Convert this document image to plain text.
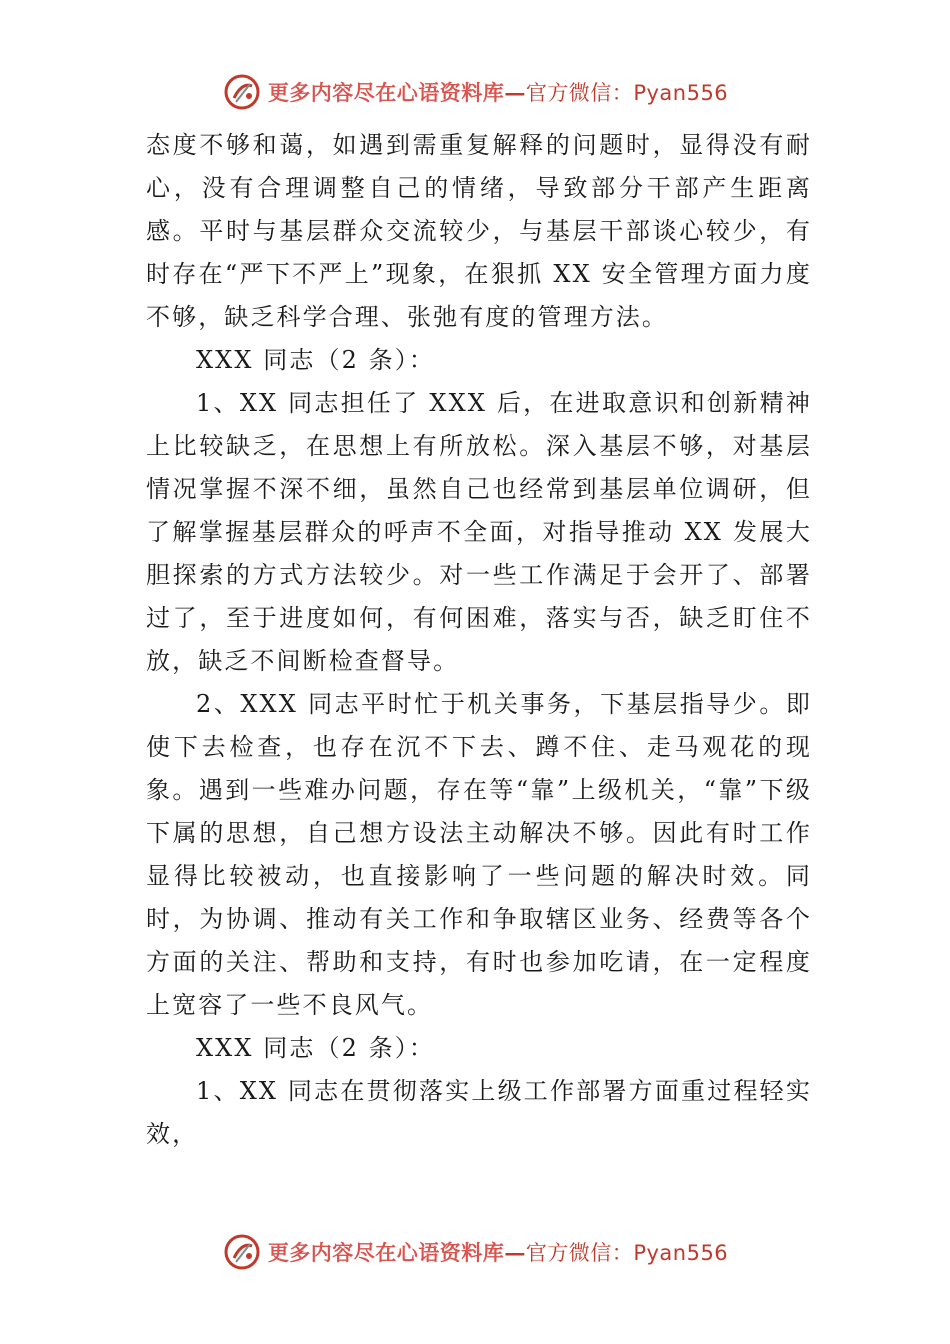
更多内容尽在心语资料库—官方微信：Pyan556

态度不够和蔼，如遇到需重复解释的问题时，显得没有耐心，没有合理调整自己的情绪，导致部分干部产生距离感。平时与基层群众交流较少，与基层干部谈心较少，有时存在“严下不严上”现象，在狠抓 XX 安全管理方面力度不够，缺乏科学合理、张弛有度的管理方法。

XXX 同志（2 条）：

1、XX 同志担任了 XXX 后，在进取意识和创新精神上比较缺乏，在思想上有所放松。深入基层不够，对基层情况掌握不深不细，虽然自己也经常到基层单位调研，但了解掌握基层群众的呼声不全面，对指导推动 XX 发展大胆探索的方式方法较少。对一些工作满足于会开了、部署过了，至于进度如何，有何困难，落实与否，缺乏盯住不放，缺乏不间断检查督导。

2、XXX 同志平时忙于机关事务，下基层指导少。即使下去检查，也存在沉不下去、蹲不住、走马观花的现象。遇到一些难办问题，存在等“靠”上级机关，“靠”下级下属的思想，自己想方设法主动解决不够。因此有时工作显得比较被动，也直接影响了一些问题的解决时效。同时，为协调、推动有关工作和争取辖区业务、经费等各个方面的关注、帮助和支持，有时也参加吃请，在一定程度上宽容了一些不良风气。

XXX 同志（2 条）：

1、XX 同志在贯彻落实上级工作部署方面重过程轻实效，

更多内容尽在心语资料库—官方微信：Pyan556
